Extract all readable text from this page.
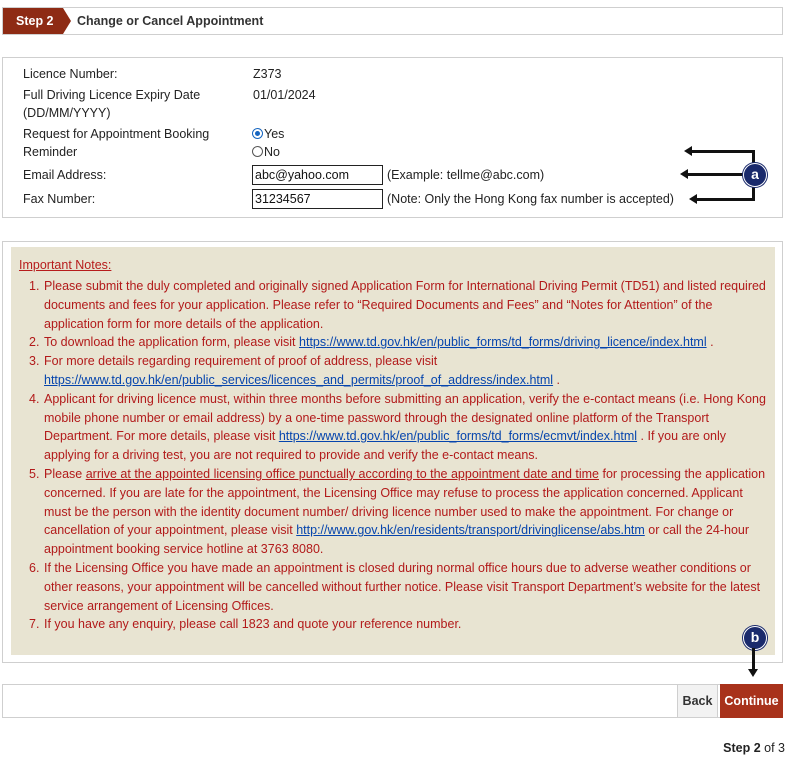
Step 2	Change or Cancel Appointment
Licence Number:	Z373
Full Driving Licence Expiry Date
(DD/MM/YYYY)
01/01/2024
Request for Appointment Booking
Reminder
Yes
No
Email Address:
abc@yahoo.com	(Example: tellme@abc.com)
Fax Number:
31234567	(Note: Only the Hong Kong fax number is accepted)
a
Important Notes:
1. Please submit the duly completed and originally signed Application Form for International Driving Permit (TD51) and listed required documents and fees for your application. Please refer to “Required Documents and Fees” and “Notes for Attention” of the application form for more details of the application.
2. To download the application form, please visit https://www.td.gov.hk/en/public_forms/td_forms/driving_licence/index.html .
3. For more details regarding requirement of proof of address, please visit
https://www.td.gov.hk/en/public_services/licences_and_permits/proof_of_address/index.html .
4. Applicant for driving licence must, within three months before submitting an application, verify the e-contact means (i.e. Hong Kong mobile phone number or email address) by a one-time password through the designated online platform of the Transport Department. For more details, please visit https://www.td.gov.hk/en/public_forms/td_forms/ecmvt/index.html . If you are only applying for a driving test, you are not required to provide and verify the e-contact means.
5. Please arrive at the appointed licensing office punctually according to the appointment date and time for processing the application concerned. If you are late for the appointment, the Licensing Office may refuse to process the application concerned. Applicant must be the person with the identity document number/ driving licence number used to make the appointment. For change or cancellation of your appointment, please visit http://www.gov.hk/en/residents/transport/drivinglicense/abs.htm or call the 24-hour appointment booking service hotline at 3763 8080.
6. If the Licensing Office you have made an appointment is closed during normal office hours due to adverse weather conditions or other reasons, your appointment will be cancelled without further notice. Please visit Transport Department’s website for the latest service arrangement of Licensing Offices.
7. If you have any enquiry, please call 1823 and quote your reference number.
b
Back Continue
Step 2 of 3
